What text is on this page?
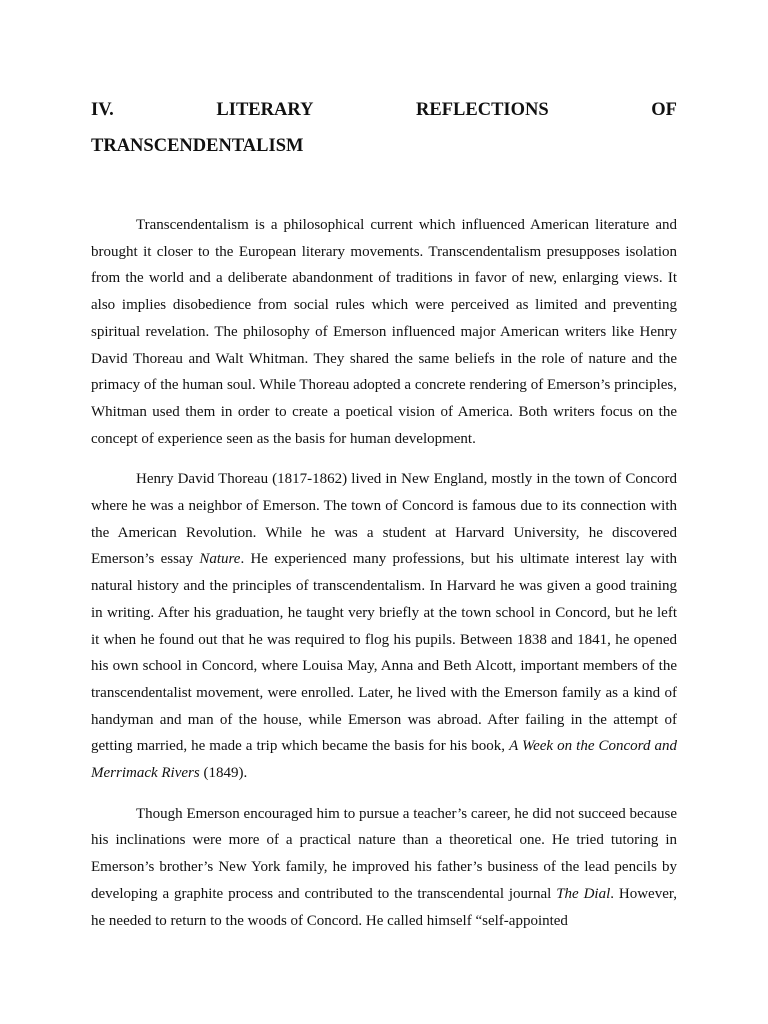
IV.	LITERARY	REFLECTIONS	OF
TRANSCENDENTALISM

Transcendentalism is a philosophical current which influenced American literature and brought it closer to the European literary movements. Transcendentalism presupposes isolation from the world and a deliberate abandonment of traditions in favor of new, enlarging views. It also implies disobedience from social rules which were perceived as limited and preventing spiritual revelation. The philosophy of Emerson influenced major American writers like Henry David Thoreau and Walt Whitman. They shared the same beliefs in the role of nature and the primacy of the human soul. While Thoreau adopted a concrete rendering of Emerson’s principles, Whitman used them in order to create a poetical vision of America. Both writers focus on the concept of experience seen as the basis for human development.

Henry David Thoreau (1817-1862) lived in New England, mostly in the town of Concord where he was a neighbor of Emerson. The town of Concord is famous due to its connection with the American Revolution. While he was a student at Harvard University, he discovered Emerson’s essay Nature. He experienced many professions, but his ultimate interest lay with natural history and the principles of transcendentalism. In Harvard he was given a good training in writing. After his graduation, he taught very briefly at the town school in Concord, but he left it when he found out that he was required to flog his pupils. Between 1838 and 1841, he opened his own school in Concord, where Louisa May, Anna and Beth Alcott, important members of the transcendentalist movement, were enrolled. Later, he lived with the Emerson family as a kind of handyman and man of the house, while Emerson was abroad. After failing in the attempt of getting married, he made a trip which became the basis for his book, A Week on the Concord and Merrimack Rivers (1849).

Though Emerson encouraged him to pursue a teacher’s career, he did not succeed because his inclinations were more of a practical nature than a theoretical one. He tried tutoring in Emerson’s brother’s New York family, he improved his father’s business of the lead pencils by developing a graphite process and contributed to the transcendental journal The Dial. However, he needed to return to the woods of Concord. He called himself “self-appointed
